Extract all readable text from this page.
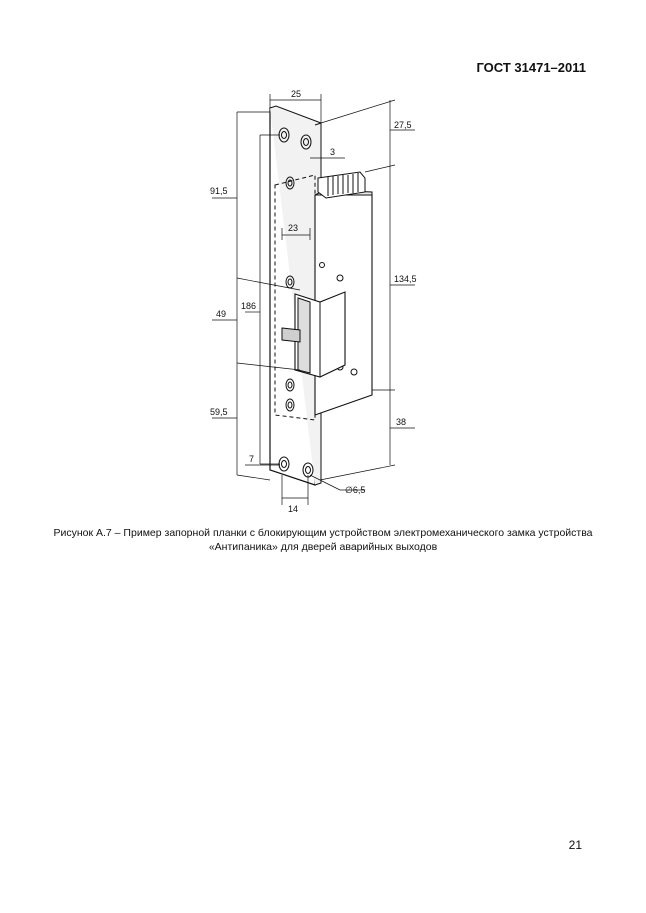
ГОСТ 31471–2011
25
27,5
3
91,5
23
134,5
49
186
59,5
38
7
∅6,5
14
Рисунок А.7 – Пример запорной планки с блокирующим устройством электромеханического замка устройства
«Антипаника» для дверей аварийных выходов
21
